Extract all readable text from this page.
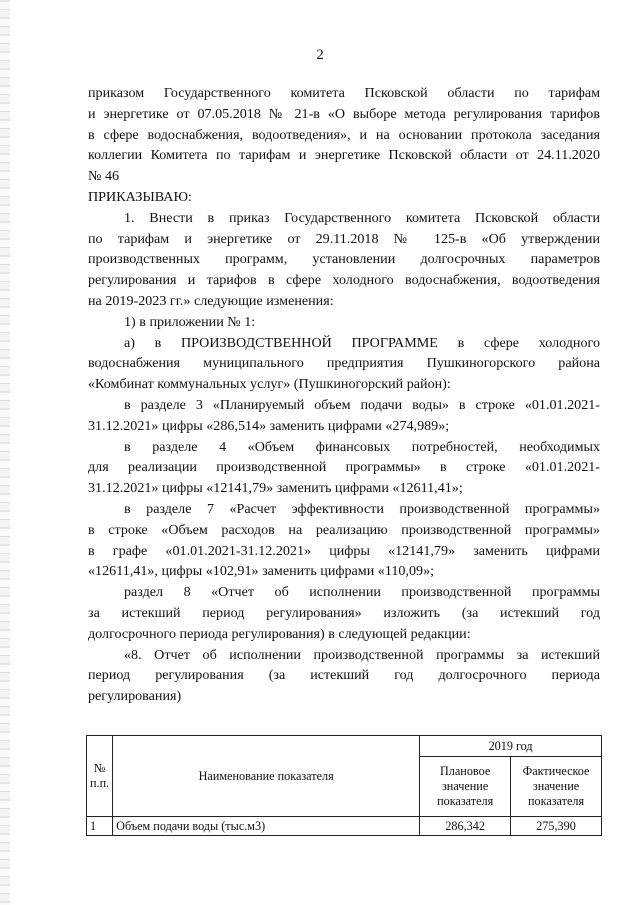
2

приказом Государственного комитета Псковской области по тарифам

и энергетике от 07.05.2018 № 21-в «О выборе метода регулирования тарифов

в сфере водоснабжения, водоотведения», и на основании протокола заседания

коллегии Комитета по тарифам и энергетике Псковской области от 24.11.2020

№ 46

ПРИКАЗЫВАЮ:

1. Внести в приказ Государственного комитета Псковской области

по тарифам и энергетике от 29.11.2018 № 125-в «Об утверждении

производственных программ, установлении долгосрочных параметров

регулирования и тарифов в сфере холодного водоснабжения, водоотведения

на 2019-2023 гг.» следующие изменения:

1) в приложении № 1:

а) в ПРОИЗВОДСТВЕННОЙ ПРОГРАММЕ в сфере холодного

водоснабжения муниципального предприятия Пушкиногорского района

«Комбинат коммунальных услуг» (Пушкиногорский район):

в разделе 3 «Планируемый объем подачи воды» в строке «01.01.2021-

31.12.2021» цифры «286,514» заменить цифрами «274,989»;

в разделе 4 «Объем финансовых потребностей, необходимых

для реализации производственной программы» в строке «01.01.2021-

31.12.2021» цифры «12141,79» заменить цифрами «12611,41»;

в разделе 7 «Расчет эффективности производственной программы»

в строке «Объем расходов на реализацию производственной программы»

в графе «01.01.2021-31.12.2021» цифры «12141,79» заменить цифрами

«12611,41», цифры «102,91» заменить цифрами «110,09»;

раздел 8 «Отчет об исполнении производственной программы

за истекший период регулирования» изложить (за истекший год

долгосрочного периода регулирования) в следующей редакции:

«8. Отчет об исполнении производственной программы за истекший

период регулирования (за истекший год долгосрочного периода

регулирования)

№ п.п.	Наименование показателя	2019 год	
		Плановое значение показателя	Фактическое значение показателя
1	Объем подачи воды (тыс.м3)	286,342	275,390
